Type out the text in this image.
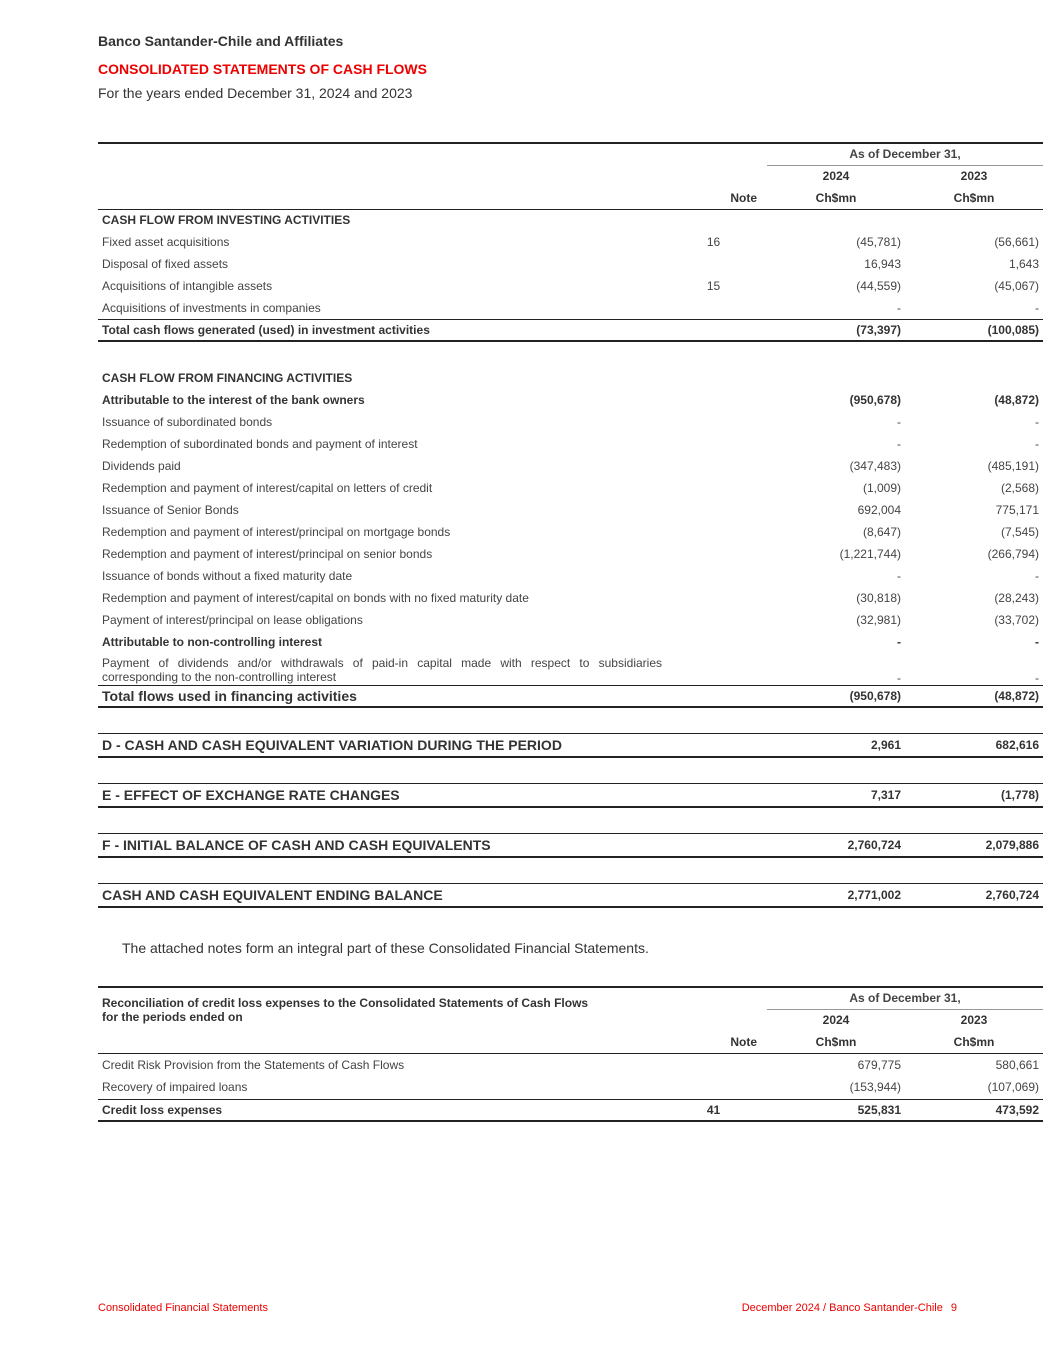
Banco Santander-Chile and Affiliates
CONSOLIDATED STATEMENTS OF CASH FLOWS
For the years ended December 31, 2024 and 2023
			As of December 31,	
			2024	2023
	Note		Ch$mn	Ch$mn
CASH FLOW FROM INVESTING ACTIVITIES				
Fixed asset acquisitions	16		(45,781)	(56,661)
Disposal of fixed assets			16,943	1,643
Acquisitions of intangible assets	15		(44,559)	(45,067)
Acquisitions of investments in companies			-	-
Total cash flows generated (used) in investment activities			(73,397)	(100,085)

CASH FLOW FROM FINANCING ACTIVITIES				
Attributable to the interest of the bank owners			(950,678)	(48,872)
Issuance of subordinated bonds			-	-
Redemption of subordinated bonds and payment of interest			-	-
Dividends paid			(347,483)	(485,191)
Redemption and payment of interest/capital on letters of credit			(1,009)	(2,568)
Issuance of Senior Bonds			692,004	775,171
Redemption and payment of interest/principal on mortgage bonds			(8,647)	(7,545)
Redemption and payment of interest/principal on senior bonds			(1,221,744)	(266,794)
Issuance of bonds without a fixed maturity date			-	-
Redemption and payment of interest/capital on bonds with no fixed maturity date			(30,818)	(28,243)
Payment of interest/principal on lease obligations			(32,981)	(33,702)
Attributable to non-controlling interest			-	-
Payment of dividends and/or withdrawals of paid-in capital made with respect to subsidiaries corresponding to the non-controlling interest			-	-
Total flows used in financing activities			(950,678)	(48,872)

D - CASH AND CASH EQUIVALENT VARIATION DURING THE PERIOD			2,961	682,616

E - EFFECT OF EXCHANGE RATE CHANGES			7,317	(1,778)

F - INITIAL BALANCE OF CASH AND CASH EQUIVALENTS			2,760,724	2,079,886

CASH AND CASH EQUIVALENT ENDING BALANCE			2,771,002	2,760,724
The attached notes form an integral part of these Consolidated Financial Statements.
Reconciliation of credit loss expenses to the Consolidated Statements of Cash Flows for the periods ended on			As of December 31,	
			2024	2023
	Note		Ch$mn	Ch$mn
Credit Risk Provision from the Statements of Cash Flows			679,775	580,661
Recovery of impaired loans			(153,944)	(107,069)
Credit loss expenses	41		525,831	473,592
Consolidated Financial Statements	December 2024 / Banco Santander-Chile 9
